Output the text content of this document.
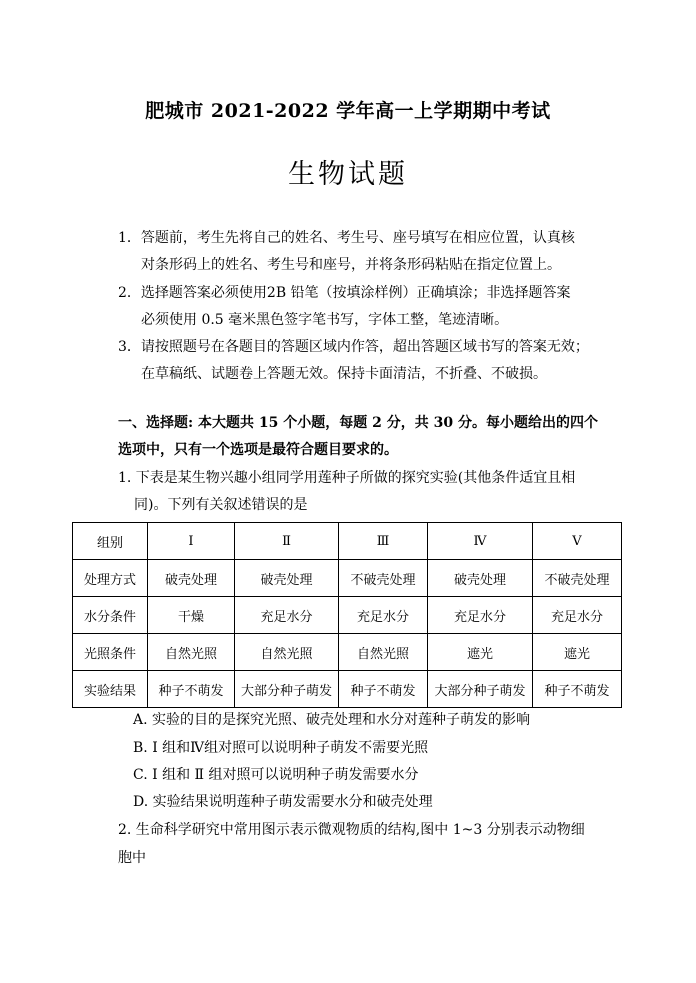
肥城市 2021-2022 学年高一上学期期中考试
生物试题
1．答题前，考生先将自己的姓名、考生号、座号填写在相应位置，认真核
对条形码上的姓名、考生号和座号，并将条形码粘贴在指定位置上。
2．选择题答案必须使用2B 铅笔（按填涂样例）正确填涂；非选择题答案
必须使用 0.5 毫米黑色签字笔书写，字体工整，笔迹清晰。
3．请按照题号在各题目的答题区域内作答，超出答题区域书写的答案无效；
在草稿纸、试题卷上答题无效。保持卡面清洁，不折叠、不破损。
一、选择题: 本大题共 15 个小题，每题 2 分，共 30 分。每小题给出的四个
选项中，只有一个选项是最符合题目要求的。
1. 下表是某生物兴趣小组同学用莲种子所做的探究实验(其他条件适宜且相
同)。下列有关叙述错误的是
组别	I	Ⅱ	Ⅲ	Ⅳ	V
处理方式	破壳处理	破壳处理	不破壳处理	破壳处理	不破壳处理
水分条件	干燥	充足水分	充足水分	充足水分	充足水分
光照条件	自然光照	自然光照	自然光照	遮光	遮光
实验结果	种子不萌发	大部分种子萌发	种子不萌发	大部分种子萌发	种子不萌发
A. 实验的目的是探究光照、破壳处理和水分对莲种子萌发的影响
B. I 组和Ⅳ组对照可以说明种子萌发不需要光照
C. I 组和 Ⅱ 组对照可以说明种子萌发需要水分
D. 实验结果说明莲种子萌发需要水分和破壳处理
2. 生命科学研究中常用图示表示微观物质的结构,图中 1~3 分别表示动物细
胞中
